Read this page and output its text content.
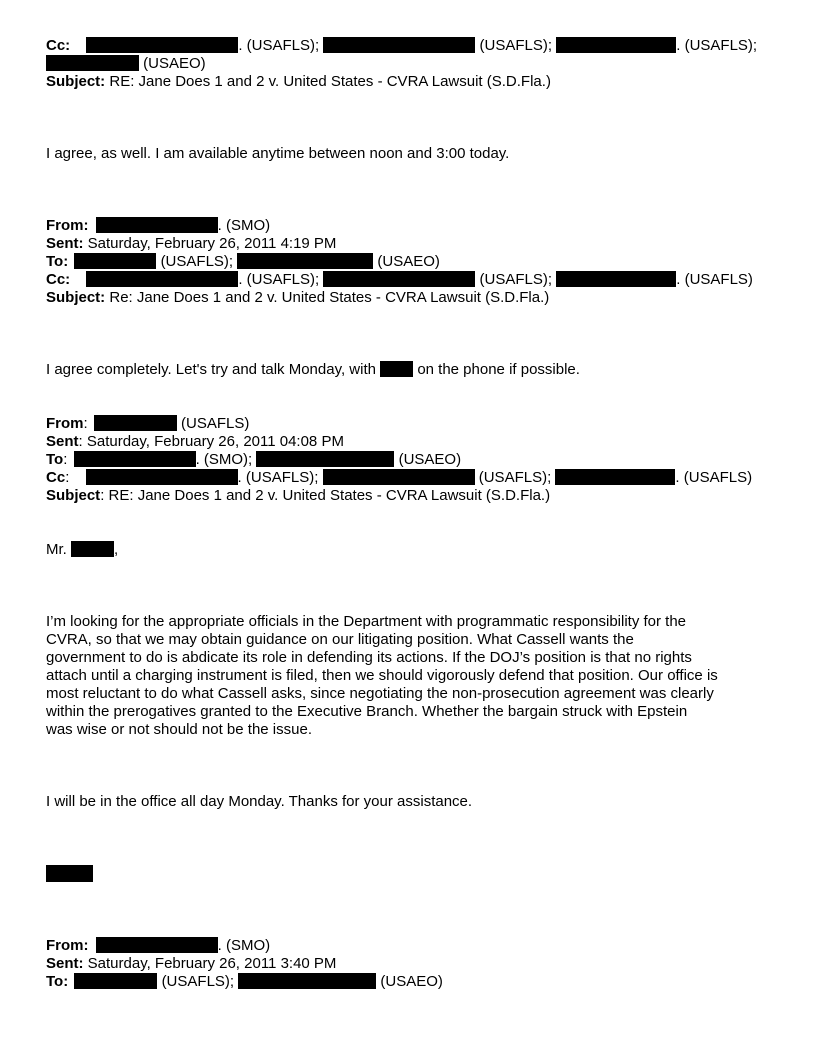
Cc:	. (USAFLS);	(USAFLS);	. (USAFLS);
(USAEO)
Subject: RE: Jane Does 1 and 2 v. United States - CVRA Lawsuit (S.D.Fla.)
I agree, as well. I am available anytime between noon and 3:00 today.
From:	. (SMO)
Sent: Saturday, February 26, 2011 4:19 PM
To:	(USAFLS);	(USAEO)
Cc:	. (USAFLS);	(USAFLS);	. (USAFLS)
Subject: Re: Jane Does 1 and 2 v. United States - CVRA Lawsuit (S.D.Fla.)
I agree completely. Let's try and talk Monday, with	on the phone if possible.
From:	(USAFLS)
Sent: Saturday, February 26, 2011 04:08 PM
To:	. (SMO);	(USAEO)
Cc:	. (USAFLS);	(USAFLS);	. (USAFLS)
Subject: RE: Jane Does 1 and 2 v. United States - CVRA Lawsuit (S.D.Fla.)
Mr.	,
I’m looking for the appropriate officials in the Department with programmatic responsibility for the
CVRA, so that we may obtain guidance on our litigating position. What Cassell wants the
government to do is abdicate its role in defending its actions. If the DOJ’s position is that no rights
attach until a charging instrument is filed, then we should vigorously defend that position. Our office is
most reluctant to do what Cassell asks, since negotiating the non-prosecution agreement was clearly
within the prerogatives granted to the Executive Branch. Whether the bargain struck with Epstein
was wise or not should not be the issue.
I will be in the office all day Monday. Thanks for your assistance.
From:	. (SMO)
Sent: Saturday, February 26, 2011 3:40 PM
To:	(USAFLS);	(USAEO)
